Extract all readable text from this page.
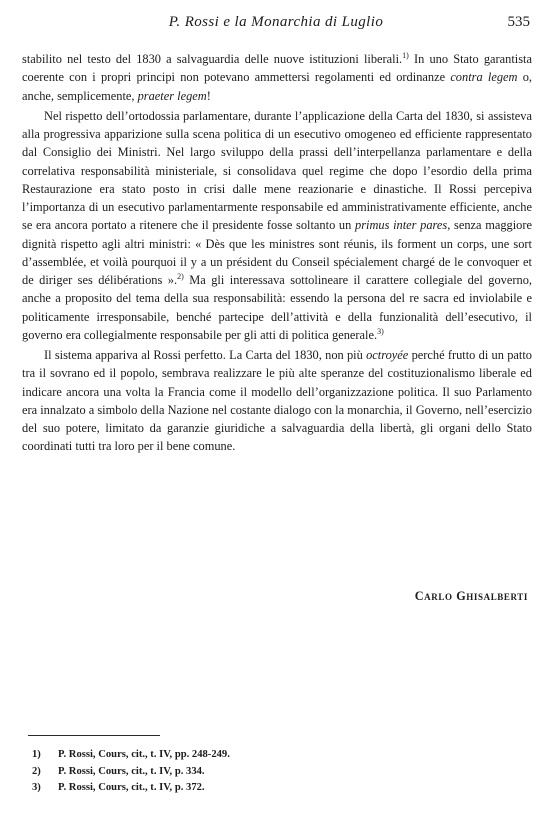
P. Rossi e la Monarchia di Luglio	535

stabilito nel testo del 1830 a salvaguardia delle nuove istituzioni liberali.$^{1)}$ In uno Stato garantista coerente con i propri principi non potevano ammettersi regolamenti ed ordinanze contra legem o, anche, semplicemente, praeter legem!

Nel rispetto dell’ortodossia parlamentare, durante l’applicazione della Carta del 1830, si assisteva alla progressiva apparizione sulla scena politica di un esecutivo omogeneo ed efficiente rappresentato dal Consiglio dei Ministri. Nel largo sviluppo della prassi dell’interpellanza parlamentare e della correlativa responsabilità ministeriale, si consolidava quel regime che dopo l’esordio della prima Restaurazione era stato posto in crisi dalle mene reazionarie e dinastiche. Il Rossi percepiva l’importanza di un esecutivo parlamentarmente responsabile ed amministrativamente efficiente, anche se era ancora portato a ritenere che il presidente fosse soltanto un primus inter pares, senza maggiore dignità rispetto agli altri ministri: « Dès que les ministres sont réunis, ils forment un corps, une sort d’assemblée, et voilà pourquoi il y a un président du Conseil spécialement chargé de le convoquer et de diriger ses délibérations ».$^{2)}$ Ma gli interessava sottolineare il carattere collegiale del governo, anche a proposito del tema della sua responsabilità: essendo la persona del re sacra ed inviolabile e politicamente irresponsabile, benché partecipe dell’attività e della funzionalità dell’esecutivo, il governo era collegialmente responsabile per gli atti di politica generale.$^{3)}$

Il sistema appariva al Rossi perfetto. La Carta del 1830, non più octroyée perché frutto di un patto tra il sovrano ed il popolo, sembrava realizzare le più alte speranze del costituzionalismo liberale ed indicare ancora una volta la Francia come il modello dell’organizzazione politica. Il suo Parlamento era innalzato a simbolo della Nazione nel costante dialogo con la monarchia, il Governo, nell’esercizio del suo potere, limitato da garanzie giuridiche a salvaguardia della libertà, gli organi dello Stato coordinati tutti tra loro per il bene comune.

Carlo Ghisalberti
1) P. Rossi, Cours, cit., t. IV, pp. 248-249.
2) P. Rossi, Cours, cit., t. IV, p. 334.
3) P. Rossi, Cours, cit., t. IV, p. 372.
